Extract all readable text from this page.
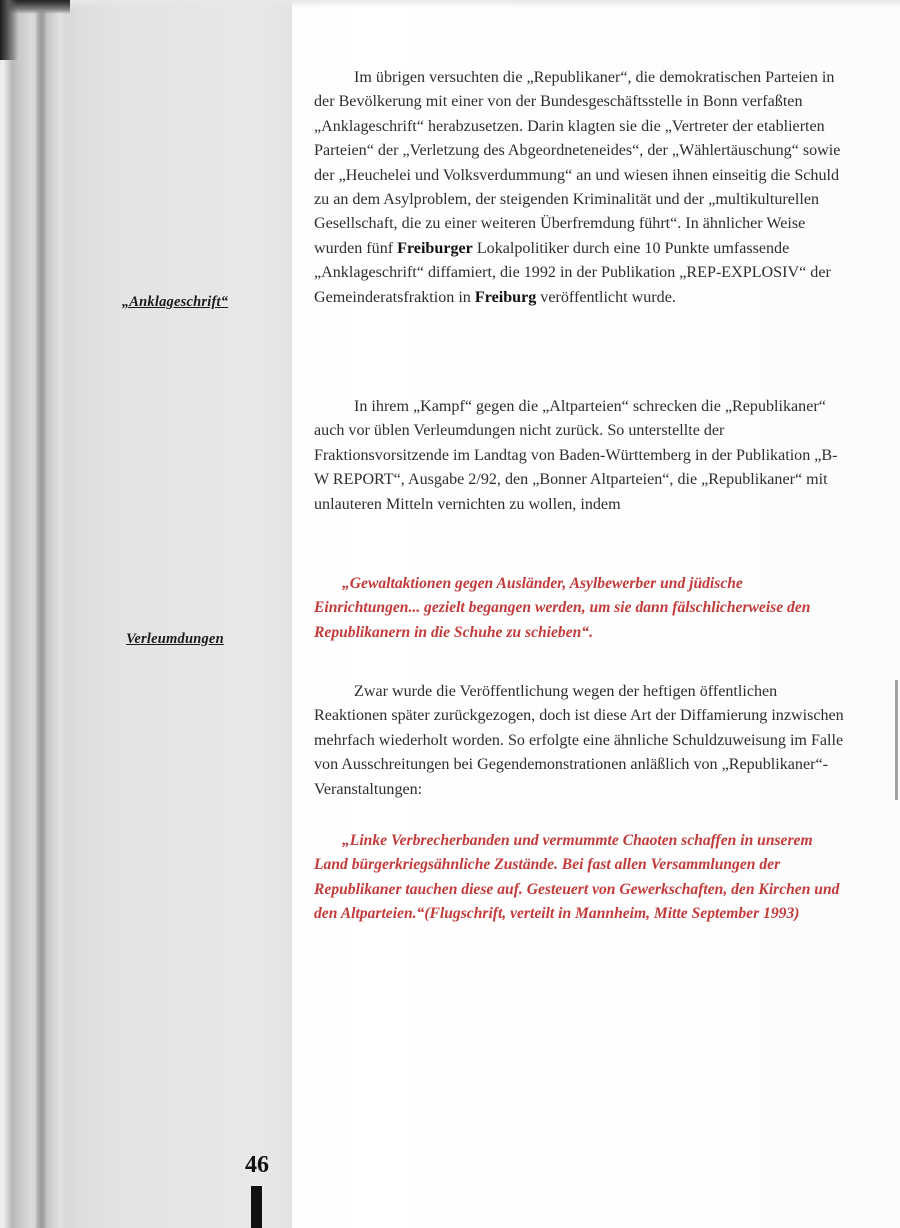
„Anklageschrift“
Verleumdungen

Im übrigen versuchten die „Republikaner“, die demokratischen Parteien in der Bevölkerung mit einer von der Bundesgeschäftsstelle in Bonn verfaßten „Anklageschrift“ herabzusetzen. Darin klagten sie die „Vertreter der etablierten Parteien“ der „Verletzung des Abgeordneteneides“, der „Wählertäuschung“ sowie der „Heuchelei und Volksverdummung“ an und wiesen ihnen einseitig die Schuld zu an dem Asylproblem, der steigenden Kriminalität und der „multikulturellen Gesellschaft, die zu einer weiteren Überfremdung führt“. In ähnlicher Weise wurden fünf Freiburger Lokalpolitiker durch eine 10 Punkte umfassende „Anklageschrift“ diffamiert, die 1992 in der Publikation „REP-EXPLOSIV“ der Gemeinderatsfraktion in Freiburg veröffentlicht wurde.

In ihrem „Kampf“ gegen die „Altparteien“ schrecken die „Republikaner“ auch vor üblen Verleumdungen nicht zurück. So unterstellte der Fraktionsvorsitzende im Landtag von Baden-Württemberg in der Publikation „B-W REPORT“, Ausgabe 2/92, den „Bonner Altparteien“, die „Republikaner“ mit unlauteren Mitteln vernichten zu wollen, indem

„Gewaltaktionen gegen Ausländer, Asylbewerber und jüdische Einrichtungen... gezielt begangen werden, um sie dann fälschlicherweise den Republikanern in die Schuhe zu schieben“.

Zwar wurde die Veröffentlichung wegen der heftigen öffentlichen Reaktionen später zurückgezogen, doch ist diese Art der Diffamierung inzwischen mehrfach wiederholt worden. So erfolgte eine ähnliche Schuldzuweisung im Falle von Ausschreitungen bei Gegendemonstrationen anläßlich von „Republikaner“-Veranstaltungen:

„Linke Verbrecherbanden und vermummte Chaoten schaffen in unserem Land bürgerkriegsähnliche Zustände. Bei fast allen Versammlungen der Republikaner tauchen diese auf. Gesteuert von Gewerkschaften, den Kirchen und den Altparteien.“(Flugschrift, verteilt in Mannheim, Mitte September 1993)

46
